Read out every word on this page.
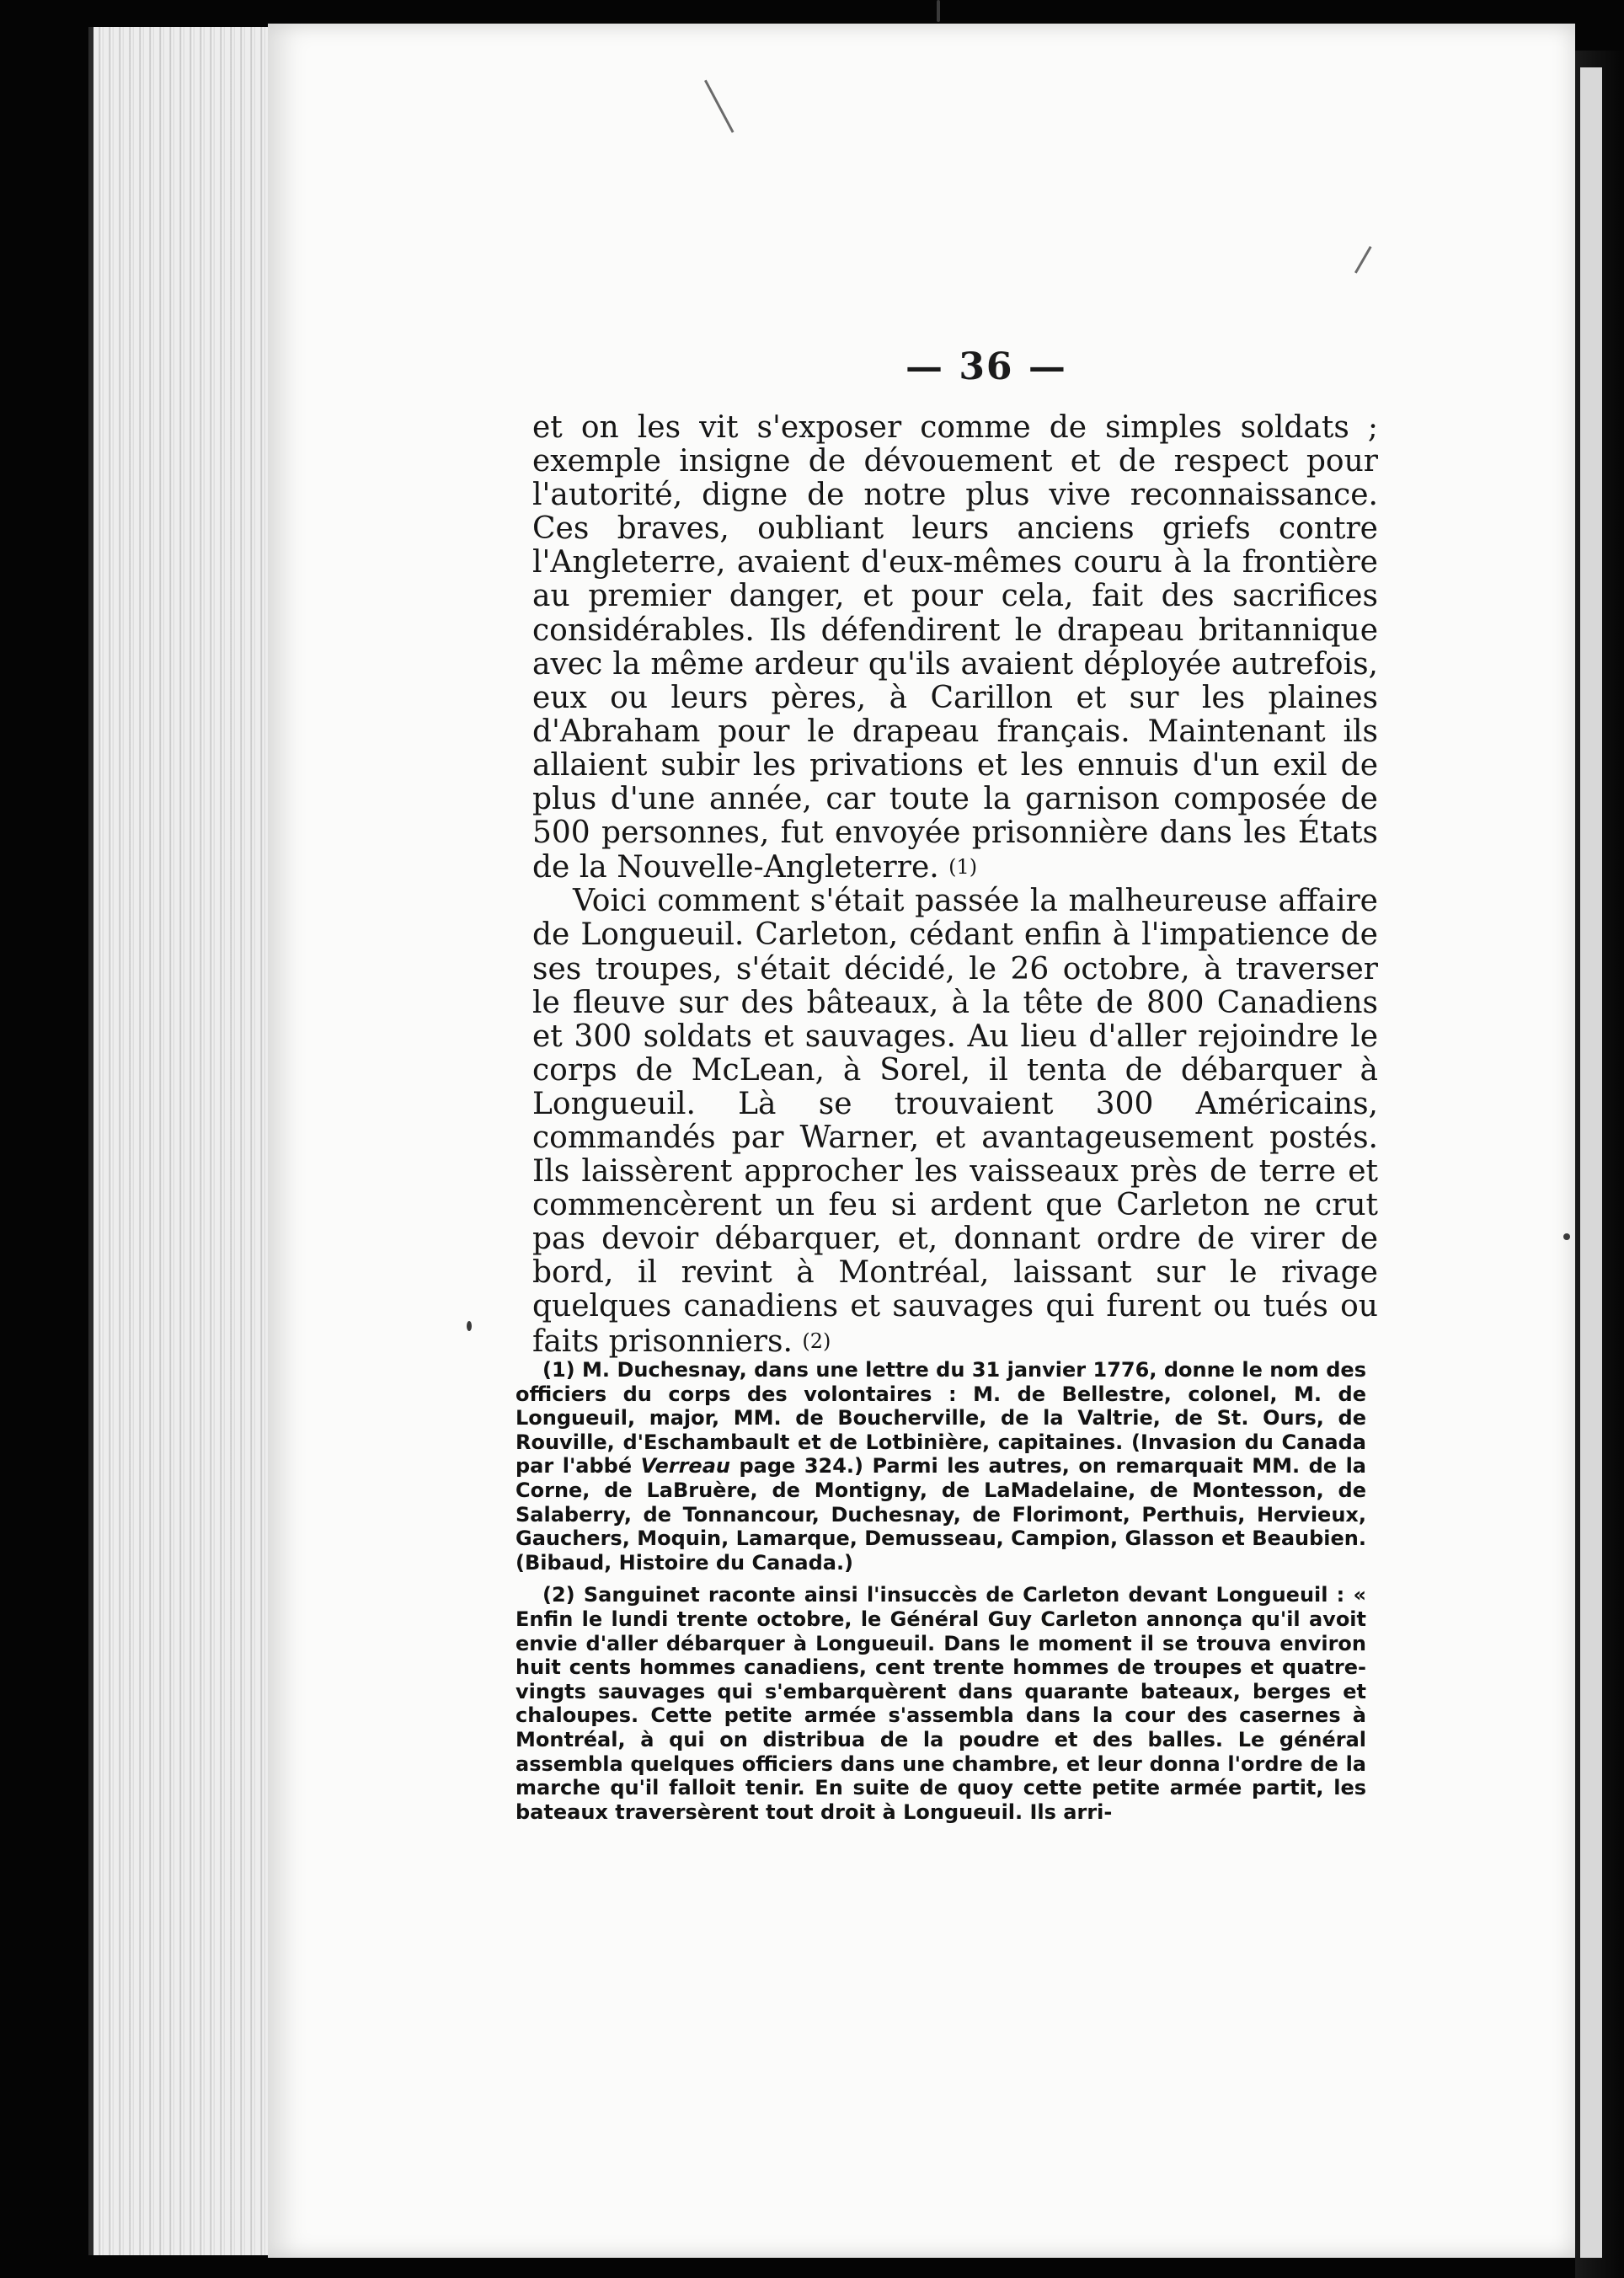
— 36 —

et on les vit s'exposer comme de simples soldats ; exemple insigne de dévouement et de respect pour l'autorité, digne de notre plus vive reconnaissance. Ces braves, oubliant leurs anciens griefs contre l'Angleterre, avaient d'eux-mêmes couru à la frontière au premier danger, et pour cela, fait des sacrifices considérables. Ils défendirent le drapeau britannique avec la même ardeur qu'ils avaient déployée autrefois, eux ou leurs pères, à Carillon et sur les plaines d'Abraham pour le drapeau français. Maintenant ils allaient subir les privations et les ennuis d'un exil de plus d'une année, car toute la garnison composée de 500 personnes, fut envoyée prisonnière dans les États de la Nouvelle-Angleterre. (1)

Voici comment s'était passée la malheureuse affaire de Longueuil. Carleton, cédant enfin à l'impatience de ses troupes, s'était décidé, le 26 octobre, à traverser le fleuve sur des bâteaux, à la tête de 800 Canadiens et 300 soldats et sauvages. Au lieu d'aller rejoindre le corps de McLean, à Sorel, il tenta de débarquer à Longueuil. Là se trouvaient 300 Américains, commandés par Warner, et avantageusement postés. Ils laissèrent approcher les vaisseaux près de terre et commencèrent un feu si ardent que Carleton ne crut pas devoir débarquer, et, donnant ordre de virer de bord, il revint à Montréal, laissant sur le rivage quelques canadiens et sauvages qui furent ou tués ou faits prisonniers. (2)

(1) M. Duchesnay, dans une lettre du 31 janvier 1776, donne le nom des officiers du corps des volontaires : M. de Bellestre, colonel, M. de Longueuil, major, MM. de Boucherville, de la Valtrie, de St. Ours, de Rouville, d'Eschambault et de Lotbinière, capitaines. (Invasion du Canada par l'abbé Verreau page 324.) Parmi les autres, on remarquait MM. de la Corne, de LaBruère, de Montigny, de LaMadelaine, de Montesson, de Salaberry, de Tonnancour, Duchesnay, de Florimont, Perthuis, Hervieux, Gauchers, Moquin, Lamarque, Demusseau, Campion, Glasson et Beaubien. (Bibaud, Histoire du Canada.)

(2) Sanguinet raconte ainsi l'insuccès de Carleton devant Longueuil : « Enfin le lundi trente octobre, le Général Guy Carleton annonça qu'il avoit envie d'aller débarquer à Longueuil. Dans le moment il se trouva environ huit cents hommes canadiens, cent trente hommes de troupes et quatre-vingts sauvages qui s'embarquèrent dans quarante bateaux, berges et chaloupes. Cette petite armée s'assembla dans la cour des casernes à Montréal, à qui on distribua de la poudre et des balles. Le général assembla quelques officiers dans une chambre, et leur donna l'ordre de la marche qu'il falloit tenir. En suite de quoy cette petite armée partit, les bateaux traversèrent tout droit à Longueuil. Ils arri-
